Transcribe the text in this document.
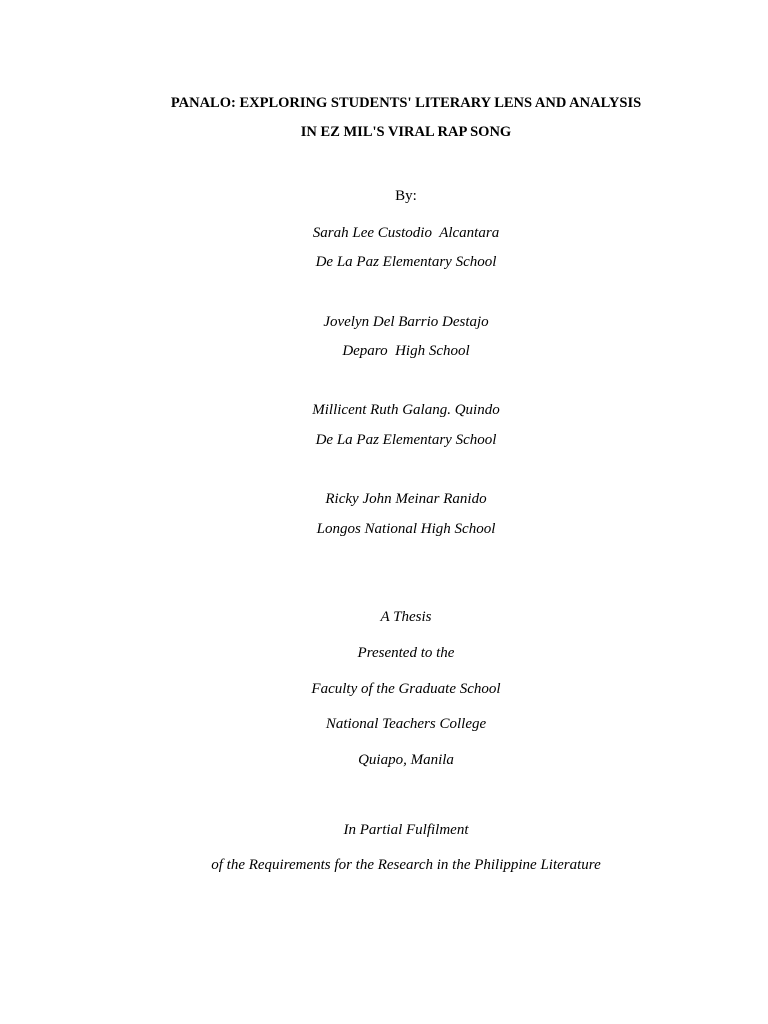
PANALO: EXPLORING STUDENTS' LITERARY LENS AND ANALYSIS

IN EZ MIL'S VIRAL RAP SONG

By:

Sarah Lee Custodio  Alcantara

De La Paz Elementary School

Jovelyn Del Barrio Destajo

Deparo  High School

Millicent Ruth Galang. Quindo

De La Paz Elementary School

Ricky John Meinar Ranido

Longos National High School

A Thesis

Presented to the

Faculty of the Graduate School

National Teachers College

Quiapo, Manila

In Partial Fulfilment

of the Requirements for the Research in the Philippine Literature
